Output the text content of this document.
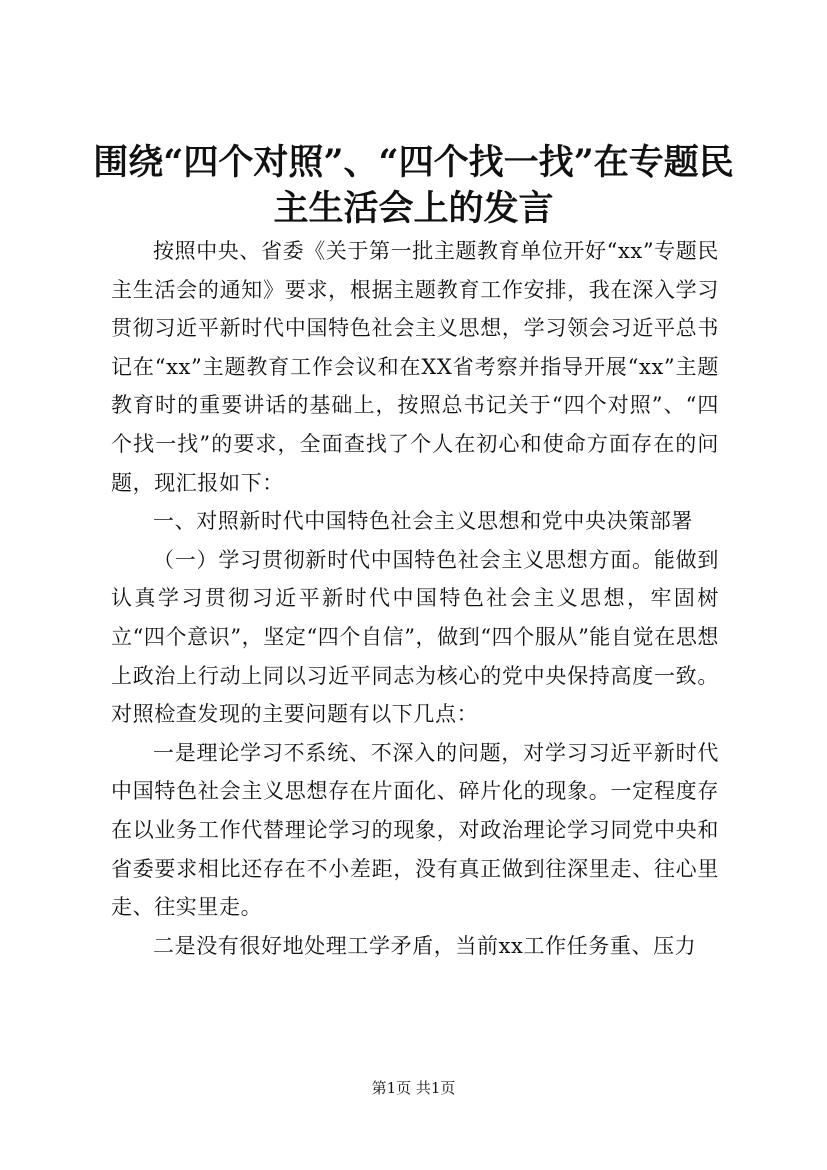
围绕“四个对照”、“四个找一找”在专题民
主生活会上的发言

按照中央、省委《关于第一批主题教育单位开好“xx”专题民主生活会的通知》要求，根据主题教育工作安排，我在深入学习贯彻习近平新时代中国特色社会主义思想，学习领会习近平总书记在“xx”主题教育工作会议和在XX省考察并指导开展“xx”主题教育时的重要讲话的基础上，按照总书记关于“四个对照”、“四个找一找”的要求，全面查找了个人在初心和使命方面存在的问题，现汇报如下：

一、对照新时代中国特色社会主义思想和党中央决策部署

（一）学习贯彻新时代中国特色社会主义思想方面。能做到认真学习贯彻习近平新时代中国特色社会主义思想，牢固树立“四个意识”，坚定“四个自信”，做到“四个服从”能自觉在思想上政治上行动上同以习近平同志为核心的党中央保持高度一致。对照检查发现的主要问题有以下几点：

一是理论学习不系统、不深入的问题，对学习习近平新时代中国特色社会主义思想存在片面化、碎片化的现象。一定程度存在以业务工作代替理论学习的现象，对政治理论学习同党中央和省委要求相比还存在不小差距，没有真正做到往深里走、往心里走、往实里走。

二是没有很好地处理工学矛盾，当前xx工作任务重、压力

第1页 共1页
